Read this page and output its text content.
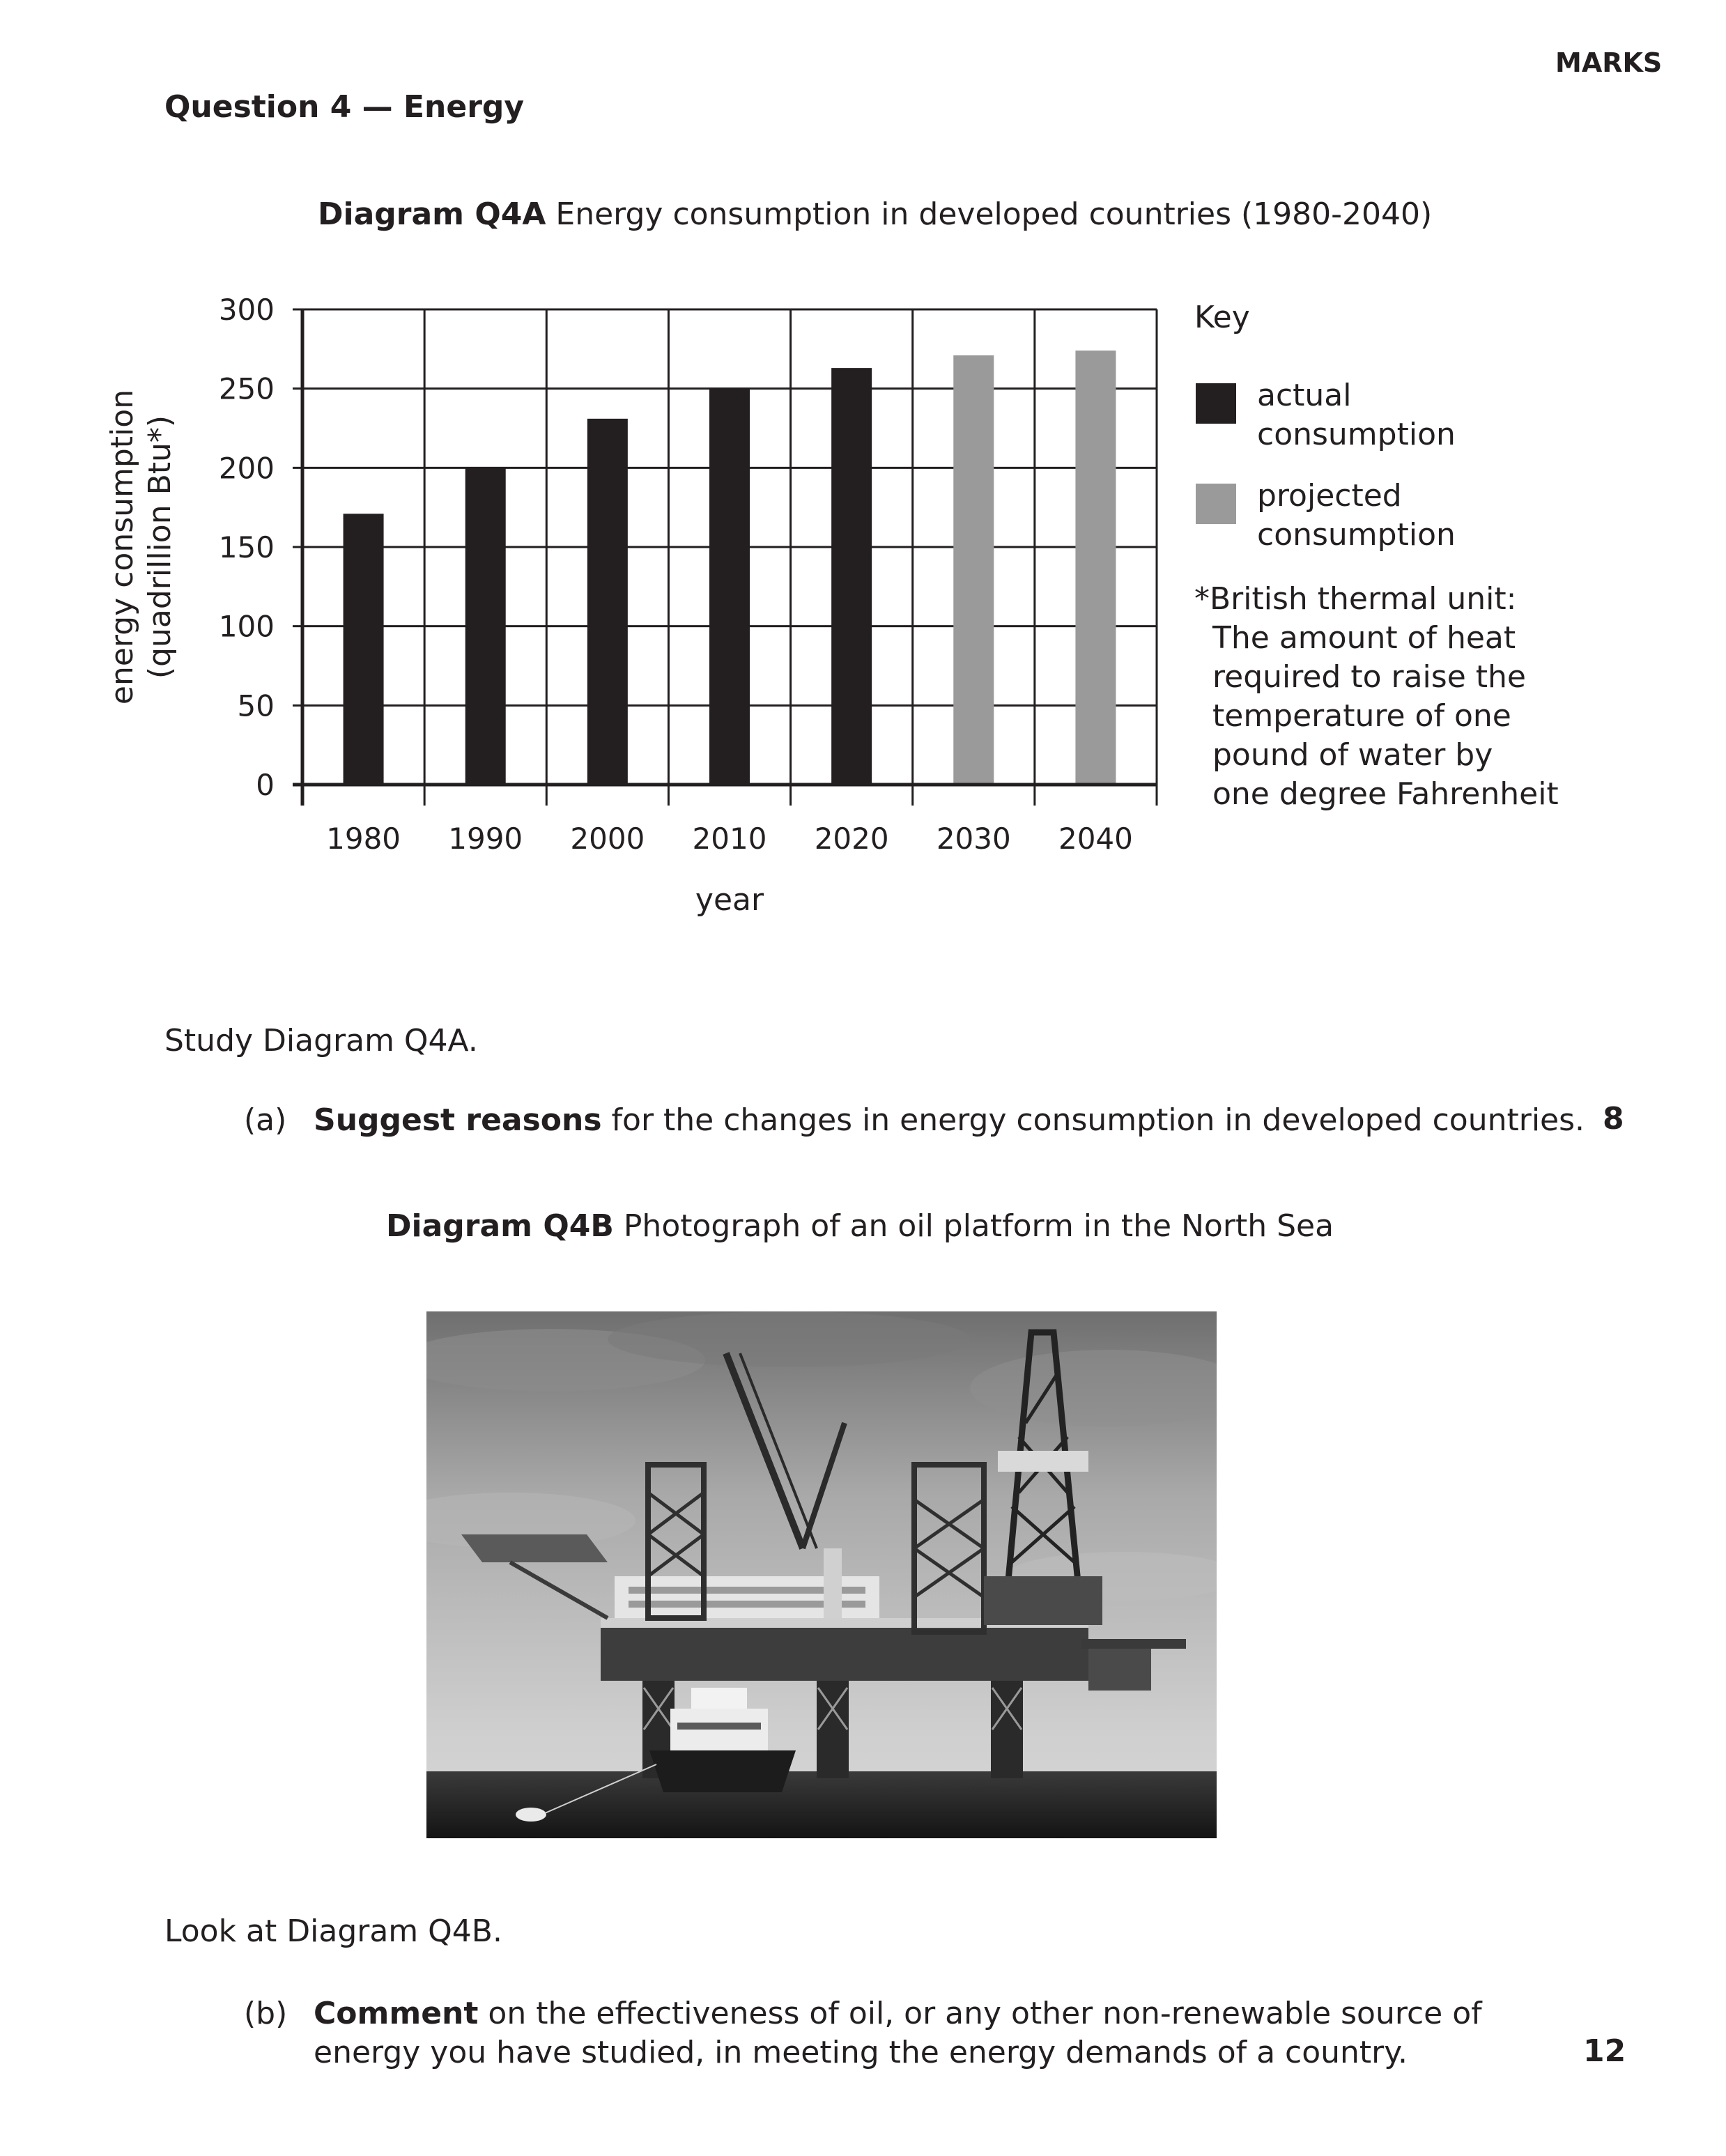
MARKS
Question 4 — Energy
Diagram Q4A Energy consumption in developed countries (1980-2040)
0
50
100
150
200
250
300
1980 1990 2000 2010 2020 2030 2040
year
energy consumption (quadrillion Btu*)
Key
actual
consumption
projected
consumption
*British thermal unit:
The amount of heat
required to raise the
temperature of one
pound of water by
one degree Fahrenheit
Study Diagram Q4A.
(a) Suggest reasons for the changes in energy consumption in developed countries. 8
Diagram Q4B Photograph of an oil platform in the North Sea
Look at Diagram Q4B.
(b) Comment on the effectiveness of oil, or any other non-renewable source of
energy you have studied, in meeting the energy demands of a country.	12
